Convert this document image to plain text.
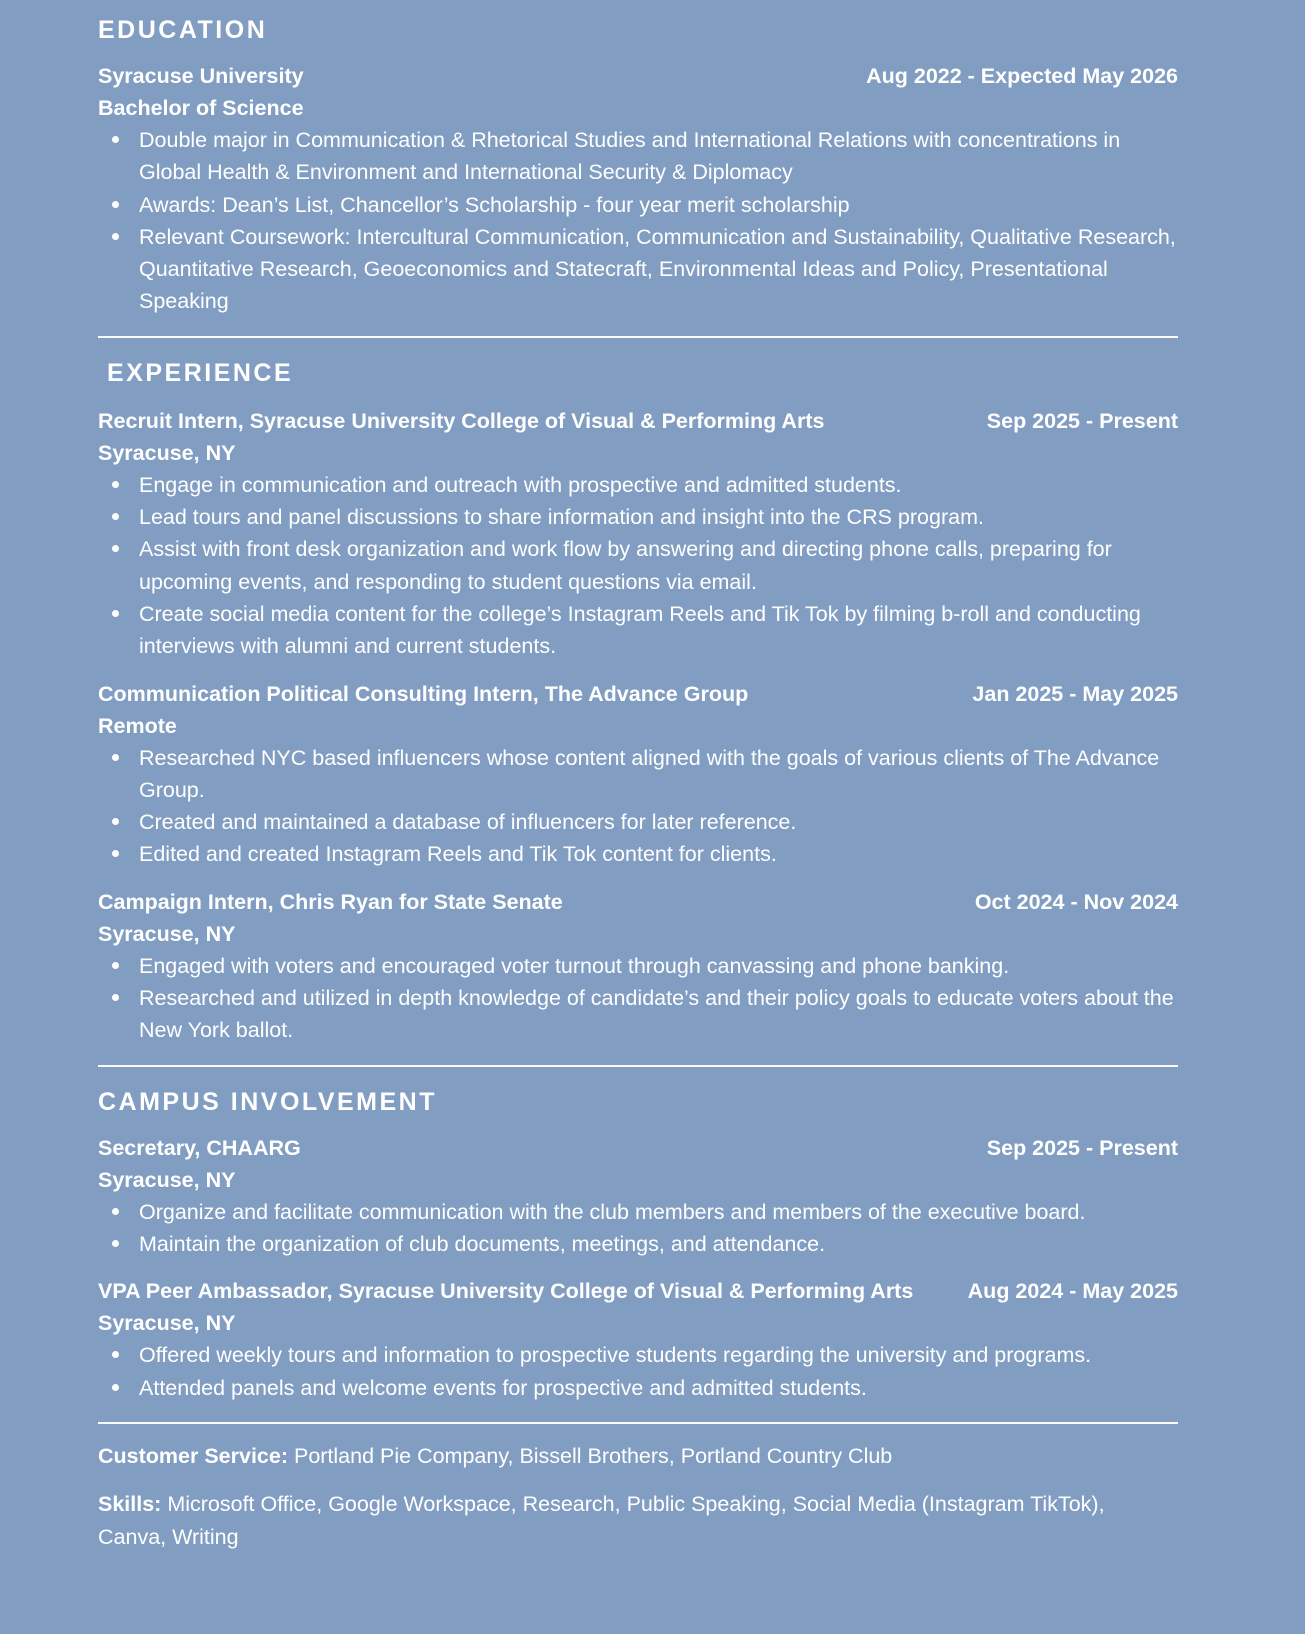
EDUCATION
Syracuse University	Aug 2022 - Expected May 2026
Bachelor of Science
Double major in Communication & Rhetorical Studies and International Relations with concentrations in Global Health & Environment and International Security & Diplomacy
Awards: Dean’s List, Chancellor’s Scholarship - four year merit scholarship
Relevant Coursework: Intercultural Communication, Communication and Sustainability, Qualitative Research, Quantitative Research, Geoeconomics and Statecraft, Environmental Ideas and Policy, Presentational Speaking
EXPERIENCE
Recruit Intern, Syracuse University College of Visual & Performing Arts	Sep 2025 - Present
Syracuse, NY
Engage in communication and outreach with prospective and admitted students.
Lead tours and panel discussions to share information and insight into the CRS program.
Assist with front desk organization and work flow by answering and directing phone calls, preparing for upcoming events, and responding to student questions via email.
Create social media content for the college’s Instagram Reels and Tik Tok by filming b-roll and conducting interviews with alumni and current students.
Communication Political Consulting Intern, The Advance Group	Jan 2025 - May 2025
Remote
Researched NYC based influencers whose content aligned with the goals of various clients of The Advance Group.
Created and maintained a database of influencers for later reference.
Edited and created Instagram Reels and Tik Tok content for clients.
Campaign Intern, Chris Ryan for State Senate	Oct 2024 - Nov 2024
Syracuse, NY
Engaged with voters and encouraged voter turnout through canvassing and phone banking.
Researched and utilized in depth knowledge of candidate’s and their policy goals to educate voters about the New York ballot.
CAMPUS INVOLVEMENT
Secretary, CHAARG	Sep 2025 - Present
Syracuse, NY
Organize and facilitate communication with the club members and members of the executive board.
Maintain the organization of club documents, meetings, and attendance.
VPA Peer Ambassador, Syracuse University College of Visual & Performing Arts	Aug 2024 - May 2025
Syracuse, NY
Offered weekly tours and information to prospective students regarding the university and programs.
Attended panels and welcome events for prospective and admitted students.
Customer Service: Portland Pie Company, Bissell Brothers, Portland Country Club
Skills: Microsoft Office, Google Workspace, Research, Public Speaking, Social Media (Instagram TikTok), Canva, Writing
